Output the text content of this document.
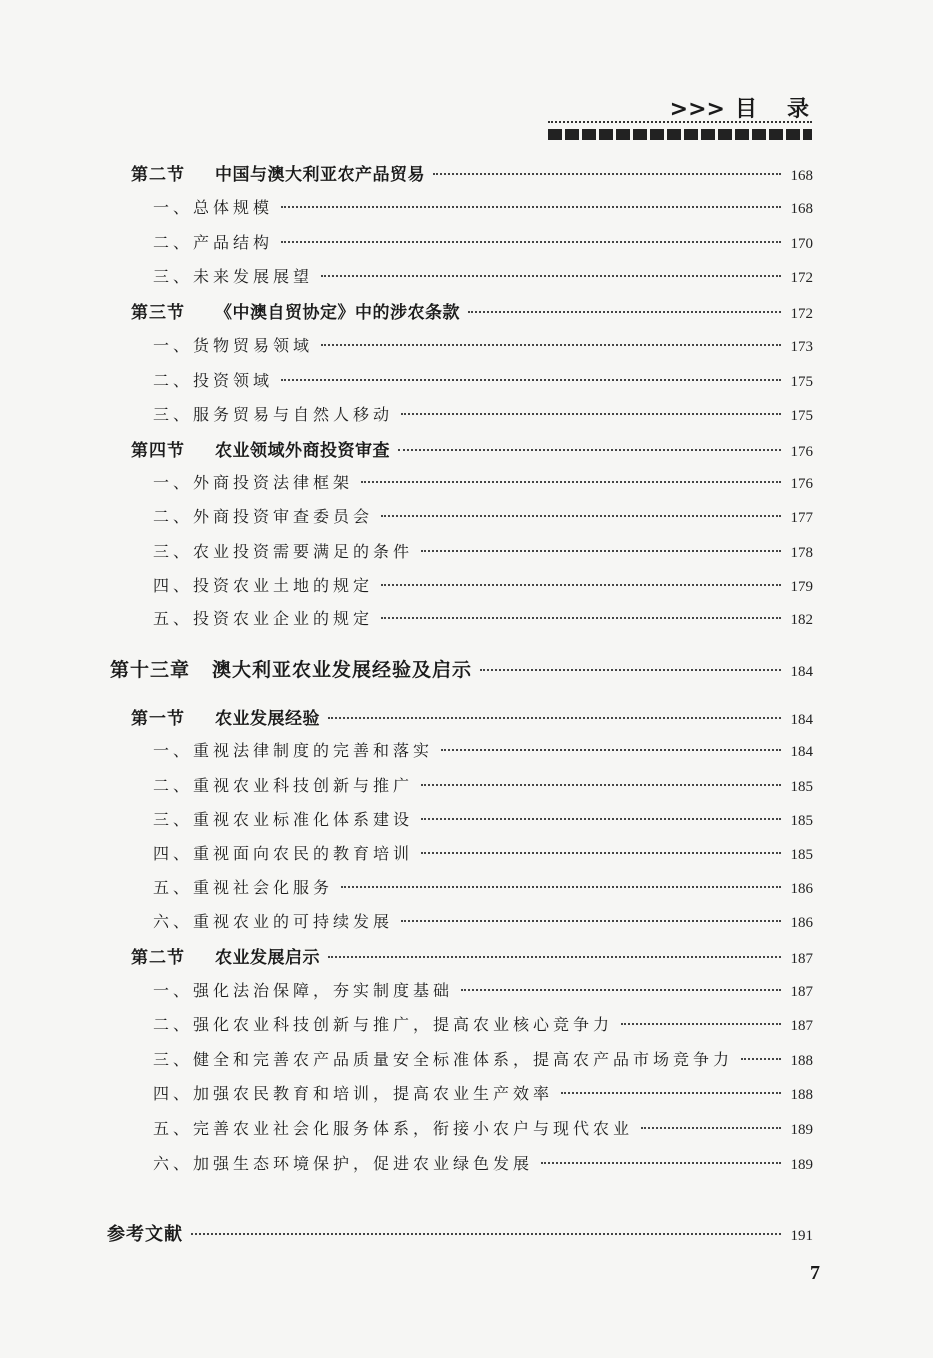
>>> 目 录
第二节 中国与澳大利亚农产品贸易	168
一、总体规模	168
二、产品结构	170
三、未来发展展望	172
第三节 《中澳自贸协定》中的涉农条款	172
一、货物贸易领域	173
二、投资领域	175
三、服务贸易与自然人移动	175
第四节 农业领域外商投资审查	176
一、外商投资法律框架	176
二、外商投资审查委员会	177
三、农业投资需要满足的条件	178
四、投资农业土地的规定	179
五、投资农业企业的规定	182
第十三章 澳大利亚农业发展经验及启示	184
第一节 农业发展经验	184
一、重视法律制度的完善和落实	184
二、重视农业科技创新与推广	185
三、重视农业标准化体系建设	185
四、重视面向农民的教育培训	185
五、重视社会化服务	186
六、重视农业的可持续发展	186
第二节 农业发展启示	187
一、强化法治保障，夯实制度基础	187
二、强化农业科技创新与推广，提高农业核心竞争力	187
三、健全和完善农产品质量安全标准体系，提高农产品市场竞争力	188
四、加强农民教育和培训，提高农业生产效率	188
五、完善农业社会化服务体系，衔接小农户与现代农业	189
六、加强生态环境保护，促进农业绿色发展	189
参考文献	191
7
